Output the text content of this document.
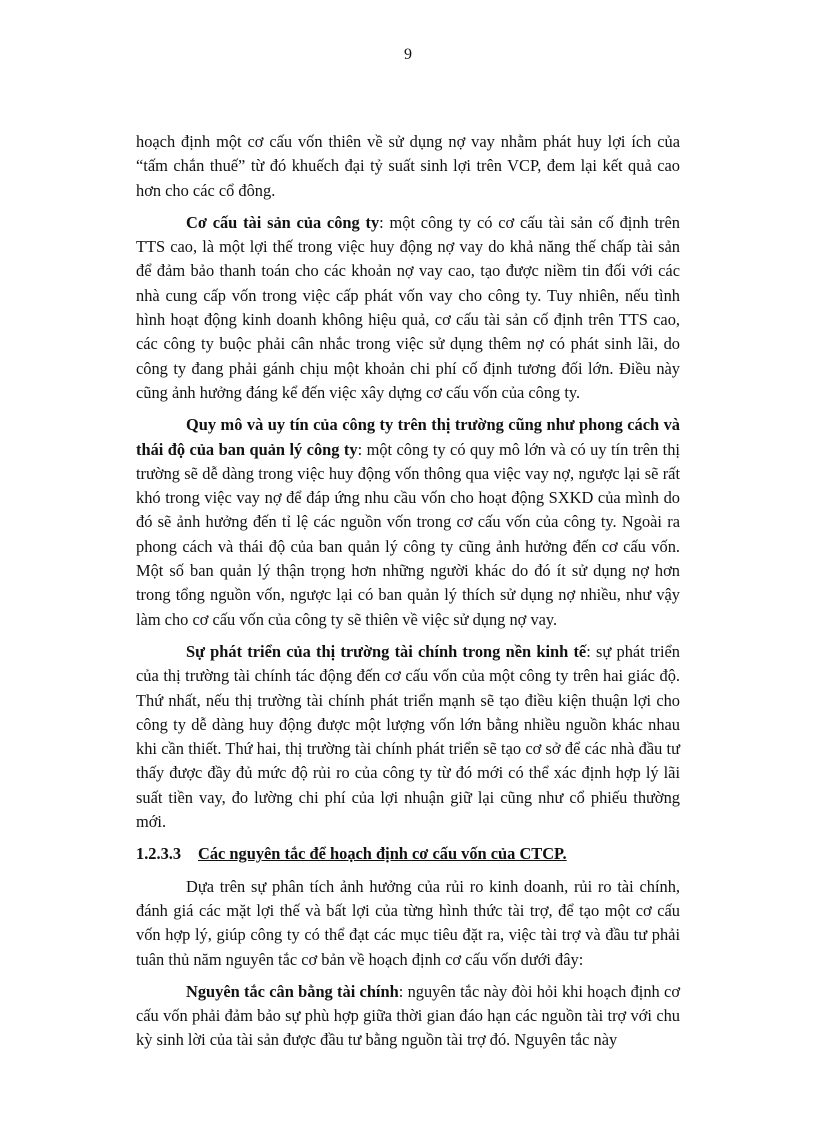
9

hoạch định một cơ cấu vốn thiên về sử dụng nợ vay nhằm phát huy lợi ích của “tấm chắn thuế” từ đó khuếch đại tỷ suất sinh lợi trên VCP, đem lại kết quả cao hơn cho các cổ đông.

Cơ cấu tài sản của công ty: một công ty có cơ cấu tài sản cố định trên TTS cao, là một lợi thế trong việc huy động nợ vay do khả năng thế chấp tài sản để đảm bảo thanh toán cho các khoản nợ vay cao, tạo được niềm tin đối với các nhà cung cấp vốn trong việc cấp phát vốn vay cho công ty. Tuy nhiên, nếu tình hình hoạt động kinh doanh không hiệu quả, cơ cấu tài sản cố định trên TTS cao, các công ty buộc phải cân nhắc trong việc sử dụng thêm nợ có phát sinh lãi, do công ty đang phải gánh chịu một khoản chi phí cố định tương đối lớn. Điều này cũng ảnh hưởng đáng kể đến việc xây dựng cơ cấu vốn của công ty.

Quy mô và uy tín của công ty trên thị trường cũng như phong cách và thái độ của ban quản lý công ty: một công ty có quy mô lớn và có uy tín trên thị trường sẽ dễ dàng trong việc huy động vốn thông qua việc vay nợ, ngược lại sẽ rất khó trong việc vay nợ để đáp ứng nhu cầu vốn cho hoạt động SXKD của mình do đó sẽ ảnh hưởng đến tỉ lệ các nguồn vốn trong cơ cấu vốn của công ty. Ngoài ra phong cách và thái độ của ban quản lý công ty cũng ảnh hưởng đến cơ cấu vốn. Một số ban quản lý thận trọng hơn những người khác do đó ít sử dụng nợ hơn trong tổng nguồn vốn, ngược lại có ban quản lý thích sử dụng nợ nhiều, như vậy làm cho cơ cấu vốn của công ty sẽ thiên về việc sử dụng nợ vay.

Sự phát triển của thị trường tài chính trong nền kinh tế: sự phát triển của thị trường tài chính tác động đến cơ cấu vốn của một công ty trên hai giác độ. Thứ nhất, nếu thị trường tài chính phát triển mạnh sẽ tạo điều kiện thuận lợi cho công ty dễ dàng huy động được một lượng vốn lớn bằng nhiều nguồn khác nhau khi cần thiết. Thứ hai, thị trường tài chính phát triển sẽ tạo cơ sở để các nhà đầu tư thấy được đầy đủ mức độ rủi ro của công ty từ đó mới có thể xác định hợp lý lãi suất tiền vay, đo lường chi phí của lợi nhuận giữ lại cũng như cổ phiếu thường mới.

1.2.3.3 Các nguyên tắc để hoạch định cơ cấu vốn của CTCP.

Dựa trên sự phân tích ảnh hưởng của rủi ro kinh doanh, rủi ro tài chính, đánh giá các mặt lợi thế và bất lợi của từng hình thức tài trợ, để tạo một cơ cấu vốn hợp lý, giúp công ty có thể đạt các mục tiêu đặt ra, việc tài trợ và đầu tư phải tuân thủ năm nguyên tắc cơ bản về hoạch định cơ cấu vốn dưới đây:

Nguyên tắc cân bằng tài chính: nguyên tắc này đòi hỏi khi hoạch định cơ cấu vốn phải đảm bảo sự phù hợp giữa thời gian đáo hạn các nguồn tài trợ với chu kỳ sinh lời của tài sản được đầu tư bằng nguồn tài trợ đó. Nguyên tắc này
